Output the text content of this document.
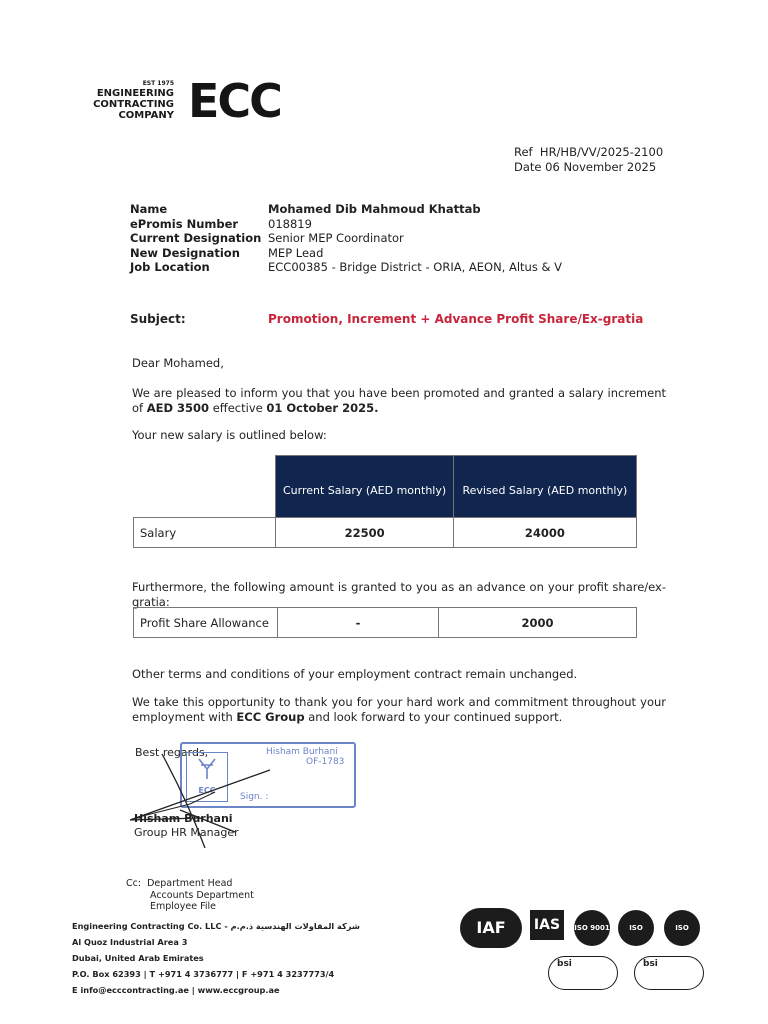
EST 1975
ENGINEERING
CONTRACTING
COMPANY ECC
Ref HR/HB/VV/2025-2100
Date 06 November 2025
Name	Mohamed Dib Mahmoud Khattab
ePromis Number	018819
Current Designation Senior MEP Coordinator
New Designation	MEP Lead
Job Location	ECC00385 - Bridge District - ORIA, AEON, Altus & V
Subject:	Promotion, Increment + Advance Profit Share/Ex-gratia
Dear Mohamed,
We are pleased to inform you that you have been promoted and granted a salary increment of AED 3500 effective 01 October 2025.
Your new salary is outlined below:
	Current Salary (AED monthly)	Revised Salary (AED monthly)
Salary	22500	24000
Furthermore, the following amount is granted to you as an advance on your profit share/ex-gratia:
Profit Share Allowance	-	2000
Other terms and conditions of your employment contract remain unchanged.
We take this opportunity to thank you for your hard work and commitment throughout your employment with ECC Group and look forward to your continued support.
Best regards,
ECC
Hisham Burhani
OF-1783
Sign. :
Hisham Burhani
Group HR Manager
Cc: Department Head
Accounts Department
Employee File
Engineering Contracting Co. LLC - شركة المقاولات الهندسية ذ.م.م
Al Quoz Industrial Area 3
Dubai, United Arab Emirates
P.O. Box 62393 | T +971 4 3736777 | F +971 4 3237773/4
E info@ecccontracting.ae | www.eccgroup.ae
IAF	IAS	ISO 9001	ISO 14001
ISO 45001
bsi	bsi
